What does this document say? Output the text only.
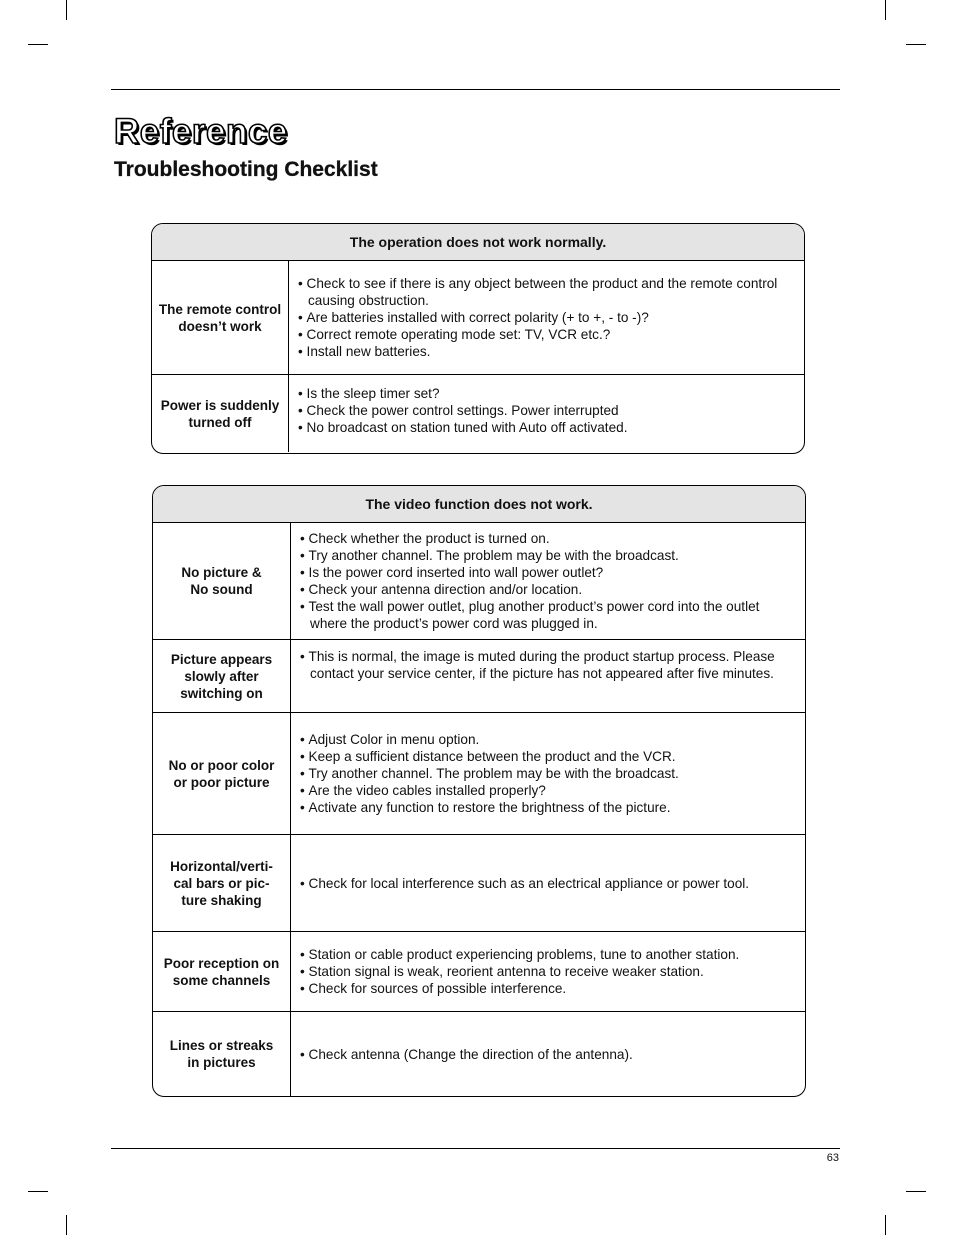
Reference
Troubleshooting Checklist
The operation does not work normally.
The remote control
doesn’t work
• Check to see if there is any object between the product and the remote control causing obstruction.
• Are batteries installed with correct polarity (+ to +, - to -)?
• Correct remote operating mode set: TV, VCR etc.?
• Install new batteries.
Power is suddenly
turned off
• Is the sleep timer set?
• Check the power control settings. Power interrupted
• No broadcast on station tuned with Auto off activated.
The video function does not work.
No picture &
No sound
• Check whether the product is turned on.
• Try another channel. The problem may be with the broadcast.
• Is the power cord inserted into wall power outlet?
• Check your antenna direction and/or location.
• Test the wall power outlet, plug another product’s power cord into the outlet where the product’s power cord was plugged in.
Picture appears
slowly after
switching on
• This is normal, the image is muted during the product startup process. Please contact your service center, if the picture has not appeared after five minutes.
No or poor color
or poor picture
• Adjust Color in menu option.
• Keep a sufficient distance between the product and the VCR.
• Try another channel. The problem may be with the broadcast.
• Are the video cables installed properly?
• Activate any function to restore the brightness of the picture.
Horizontal/verti-
cal bars or pic-
ture shaking
• Check for local interference such as an electrical appliance or power tool.
Poor reception on
some channels
• Station or cable product experiencing problems, tune to another station.
• Station signal is weak, reorient antenna to receive weaker station.
• Check for sources of possible interference.
Lines or streaks
in pictures
• Check antenna (Change the direction of the antenna).
63
